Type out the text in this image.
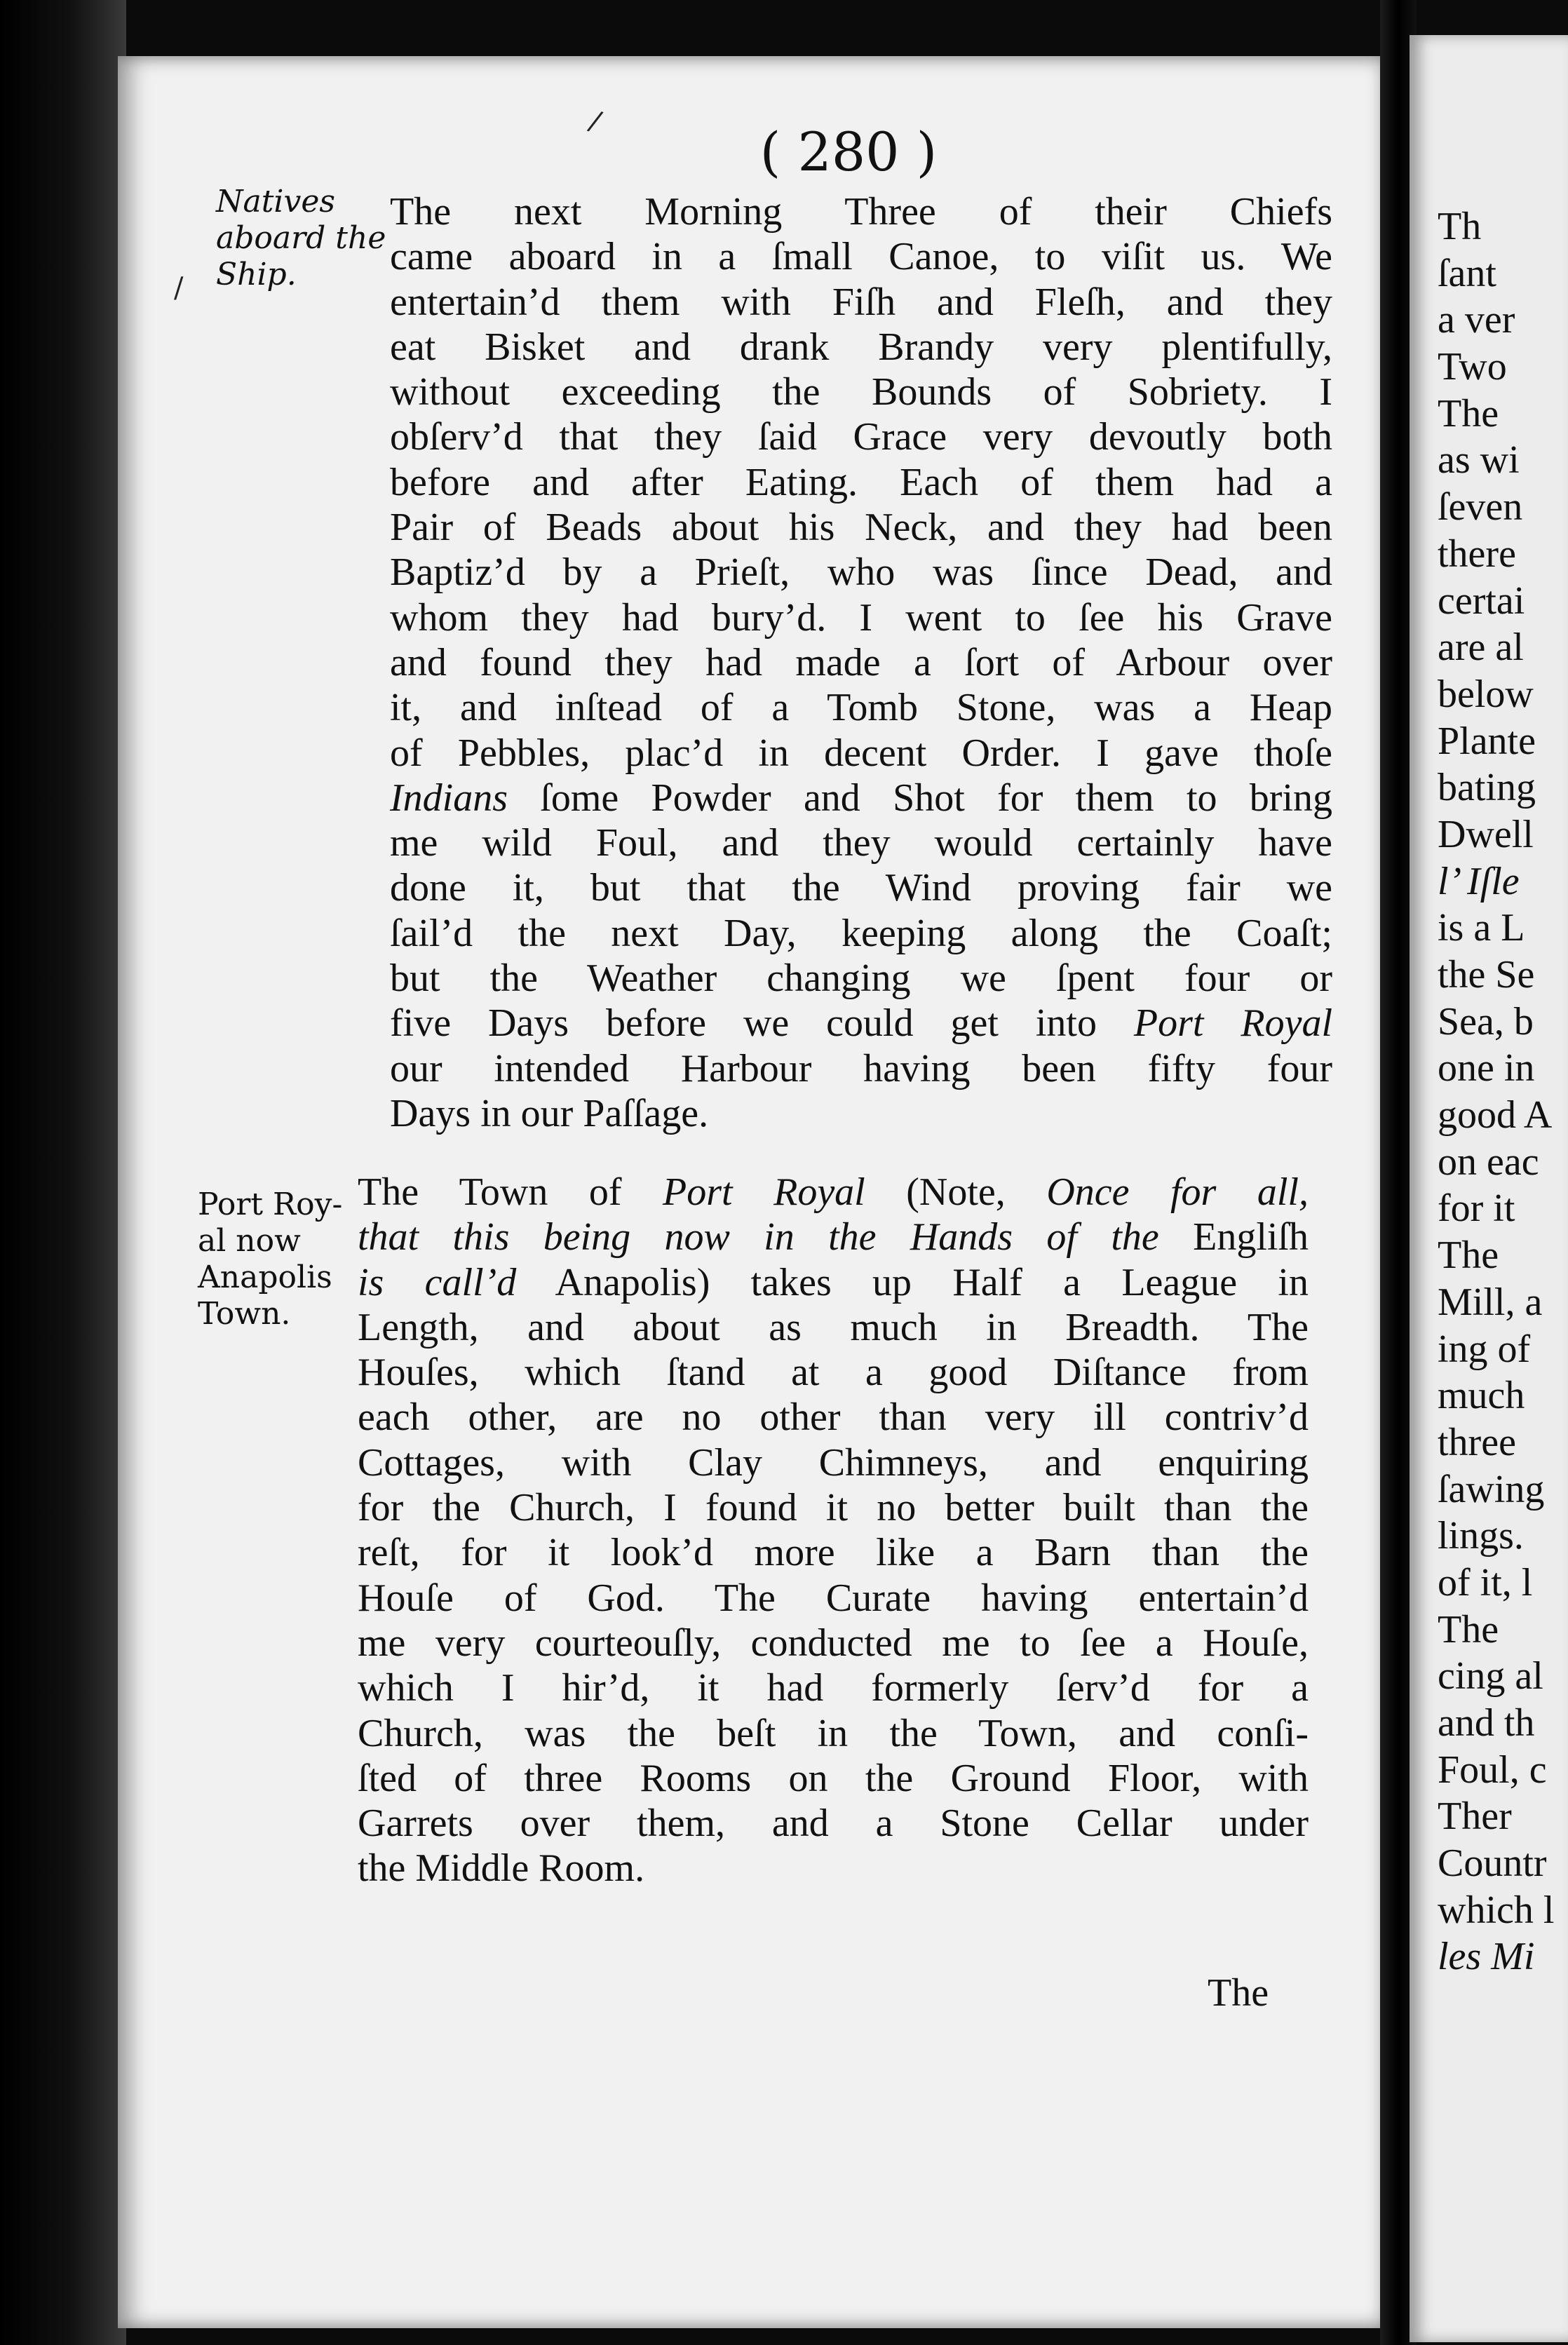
( 280 )
Natives
aboard the
Ship.
Port Roy-
al now
Anapolis
Town.
The next Morning Three of their Chiefs
came aboard in a ſmall Canoe, to viſit us. We
entertain’d them with Fiſh and Fleſh, and they
eat Bisket and drank Brandy very plentifully,
without exceeding the Bounds of Sobriety. I
obſerv’d that they ſaid Grace very devoutly both
before and after Eating. Each of them had a
Pair of Beads about his Neck, and they had been
Baptiz’d by a Prieſt, who was ſince Dead, and
whom they had bury’d. I went to ſee his Grave
and found they had made a ſort of Arbour over
it, and inſtead of a Tomb Stone, was a Heap
of Pebbles, plac’d in decent Order. I gave thoſe
Indians ſome Powder and Shot for them to bring
me wild Foul, and they would certainly have
done it, but that the Wind proving fair we
ſail’d the next Day, keeping along the Coaſt;
but the Weather changing we ſpent four or
five Days before we could get into Port Royal
our intended Harbour having been fifty four
Days in our Paſſage.
The Town of Port Royal (Note, Once for all,
that this being now in the Hands of the Engliſh
is call’d Anapolis) takes up Half a League in
Length, and about as much in Breadth. The
Houſes, which ſtand at a good Diſtance from
each other, are no other than very ill contriv’d
Cottages, with Clay Chimneys, and enquiring
for the Church, I found it no better built than the
reſt, for it look’d more like a Barn than the
Houſe of God. The Curate having entertain’d
me very courteouſly, conducted me to ſee a Houſe,
which I hir’d, it had formerly ſerv’d for a
Church, was the beſt in the Town, and conſi-
ſted of three Rooms on the Ground Floor, with
Garrets over them, and a Stone Cellar under
the Middle Room.
The
Th
ſant
a ver
Two
The
as wi
ſeven
there
certai
are al
below
Plante
bating
Dwell
l’ Iſle
is a L
the Se
Sea, b
one in
good A
on eac
for it
The
Mill, a
ing of
much
three
ſawing
lings.
of it, l
The
cing al
and th
Foul, c
Ther
Countr
which l
les Mi
/
/
